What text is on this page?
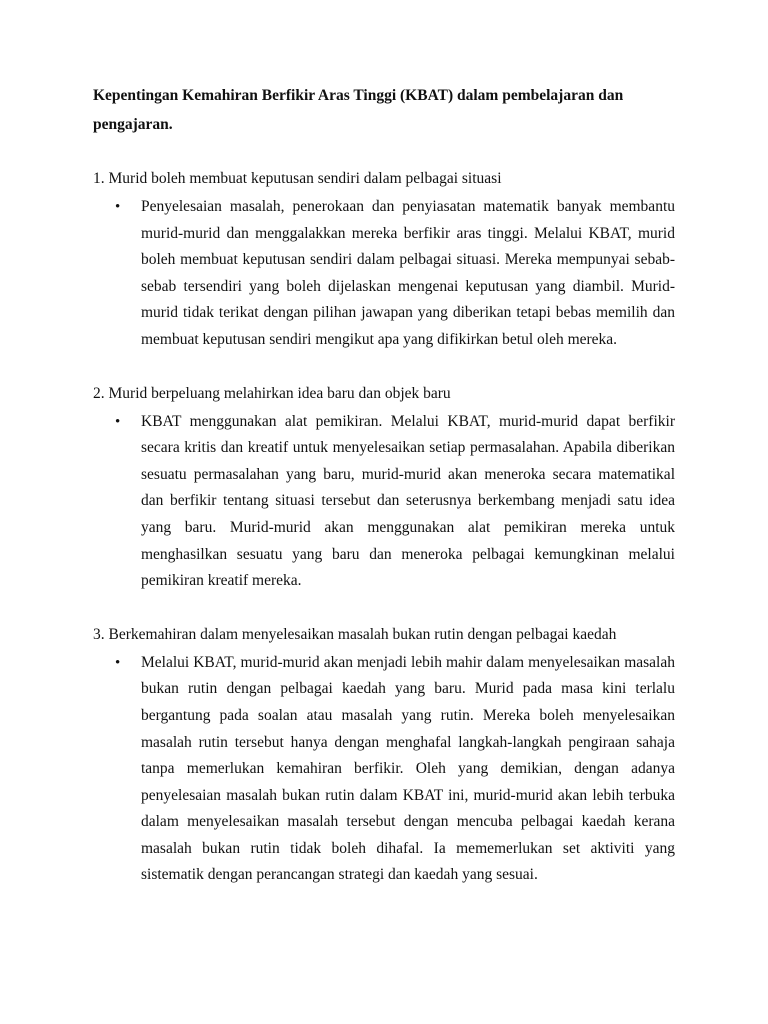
Kepentingan Kemahiran Berfikir Aras Tinggi (KBAT) dalam pembelajaran dan pengajaran.

1. Murid boleh membuat keputusan sendiri dalam pelbagai situasi

• Penyelesaian masalah, penerokaan dan penyiasatan matematik banyak membantu murid-murid dan menggalakkan mereka berfikir aras tinggi. Melalui KBAT, murid boleh membuat keputusan sendiri dalam pelbagai situasi. Mereka mempunyai sebab-sebab tersendiri yang boleh dijelaskan mengenai keputusan yang diambil. Murid-murid tidak terikat dengan pilihan jawapan yang diberikan tetapi bebas memilih dan membuat keputusan sendiri mengikut apa yang difikirkan betul oleh mereka.

2. Murid berpeluang melahirkan idea baru dan objek baru

• KBAT menggunakan alat pemikiran. Melalui KBAT, murid-murid dapat berfikir secara kritis dan kreatif untuk menyelesaikan setiap permasalahan. Apabila diberikan sesuatu permasalahan yang baru, murid-murid akan meneroka secara matematikal dan berfikir tentang situasi tersebut dan seterusnya berkembang menjadi satu idea yang baru. Murid-murid akan menggunakan alat pemikiran mereka untuk menghasilkan sesuatu yang baru dan meneroka pelbagai kemungkinan melalui pemikiran kreatif mereka.

3. Berkemahiran dalam menyelesaikan masalah bukan rutin dengan pelbagai kaedah

• Melalui KBAT, murid-murid akan menjadi lebih mahir dalam menyelesaikan masalah bukan rutin dengan pelbagai kaedah yang baru. Murid pada masa kini terlalu bergantung pada soalan atau masalah yang rutin. Mereka boleh menyelesaikan masalah rutin tersebut hanya dengan menghafal langkah-langkah pengiraan sahaja tanpa memerlukan kemahiran berfikir. Oleh yang demikian, dengan adanya penyelesaian masalah bukan rutin dalam KBAT ini, murid-murid akan lebih terbuka dalam menyelesaikan masalah tersebut dengan mencuba pelbagai kaedah kerana masalah bukan rutin tidak boleh dihafal. Ia mememerlukan set aktiviti yang sistematik dengan perancangan strategi dan kaedah yang sesuai.
